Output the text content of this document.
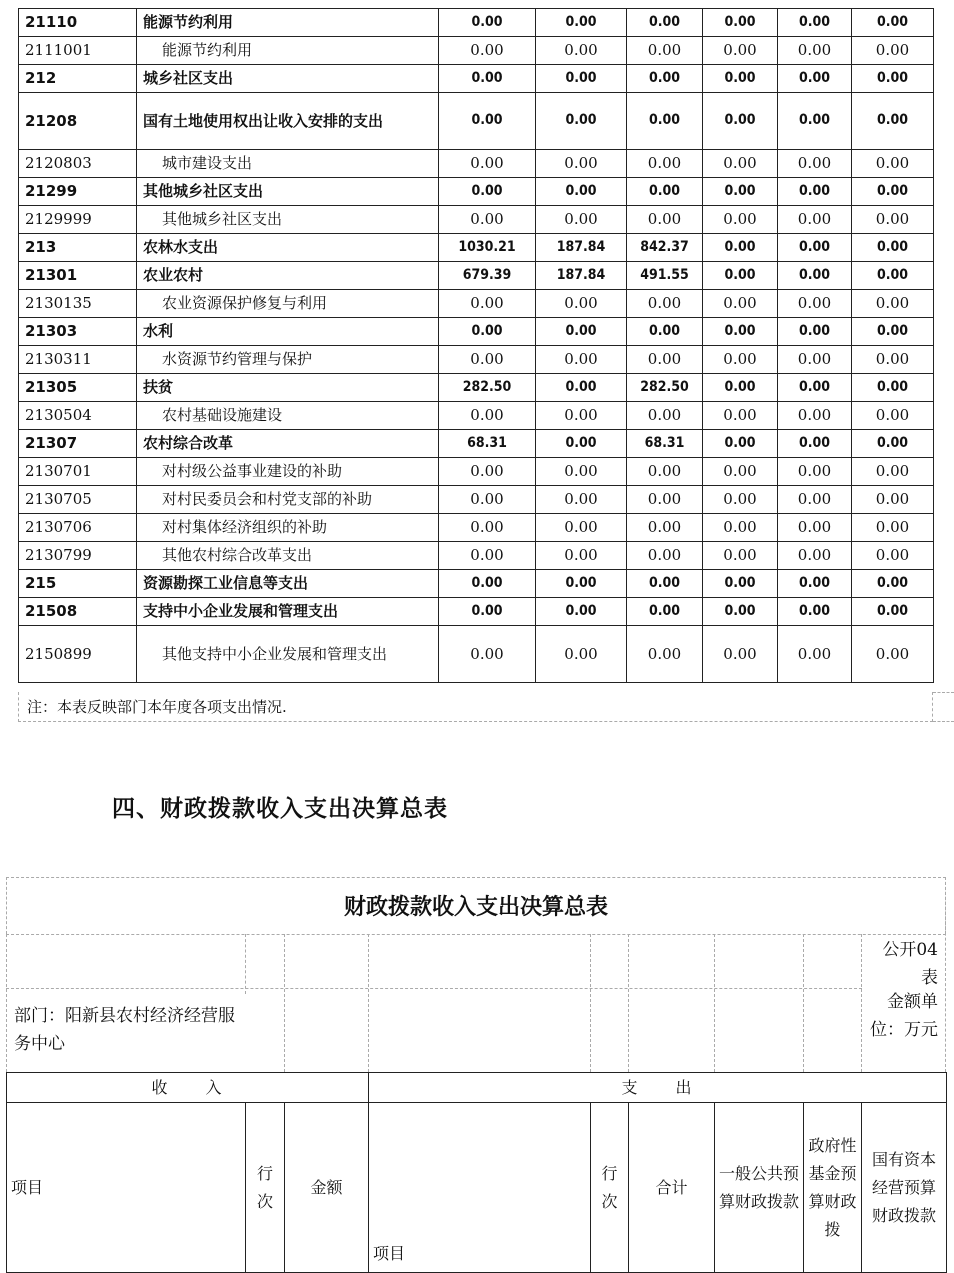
21110	能源节约利用	0.00	0.00	0.00	0.00	0.00	0.00
2111001	能源节约利用	0.00	0.00	0.00	0.00	0.00	0.00
212	城乡社区支出	0.00	0.00	0.00	0.00	0.00	0.00
21208	国有土地使用权出让收入安排的支出	0.00	0.00	0.00	0.00	0.00	0.00
2120803	城市建设支出	0.00	0.00	0.00	0.00	0.00	0.00
21299	其他城乡社区支出	0.00	0.00	0.00	0.00	0.00	0.00
2129999	其他城乡社区支出	0.00	0.00	0.00	0.00	0.00	0.00
213	农林水支出	1030.21	187.84	842.37	0.00	0.00	0.00
21301	农业农村	679.39	187.84	491.55	0.00	0.00	0.00
2130135	农业资源保护修复与利用	0.00	0.00	0.00	0.00	0.00	0.00
21303	水利	0.00	0.00	0.00	0.00	0.00	0.00
2130311	水资源节约管理与保护	0.00	0.00	0.00	0.00	0.00	0.00
21305	扶贫	282.50	0.00	282.50	0.00	0.00	0.00
2130504	农村基础设施建设	0.00	0.00	0.00	0.00	0.00	0.00
21307	农村综合改革	68.31	0.00	68.31	0.00	0.00	0.00
2130701	对村级公益事业建设的补助	0.00	0.00	0.00	0.00	0.00	0.00
2130705	对村民委员会和村党支部的补助	0.00	0.00	0.00	0.00	0.00	0.00
2130706	对村集体经济组织的补助	0.00	0.00	0.00	0.00	0.00	0.00
2130799	其他农村综合改革支出	0.00	0.00	0.00	0.00	0.00	0.00
215	资源勘探工业信息等支出	0.00	0.00	0.00	0.00	0.00	0.00
21508	支持中小企业发展和管理支出	0.00	0.00	0.00	0.00	0.00	0.00
2150899	其他支持中小企业发展和管理支出	0.00	0.00	0.00	0.00	0.00	0.00
注：本表反映部门本年度各项支出情况.
四、财政拨款收入支出决算总表
财政拨款收入支出决算总表
公开04表
部门：阳新县农村经济经营服务中心
金额单位：万元
收　　入			支　　出					
项目	行次	金额	项目	行次	合计	一般公共预算财政拨款	政府性基金预算财政拨	国有资本经营预算财政拨款
